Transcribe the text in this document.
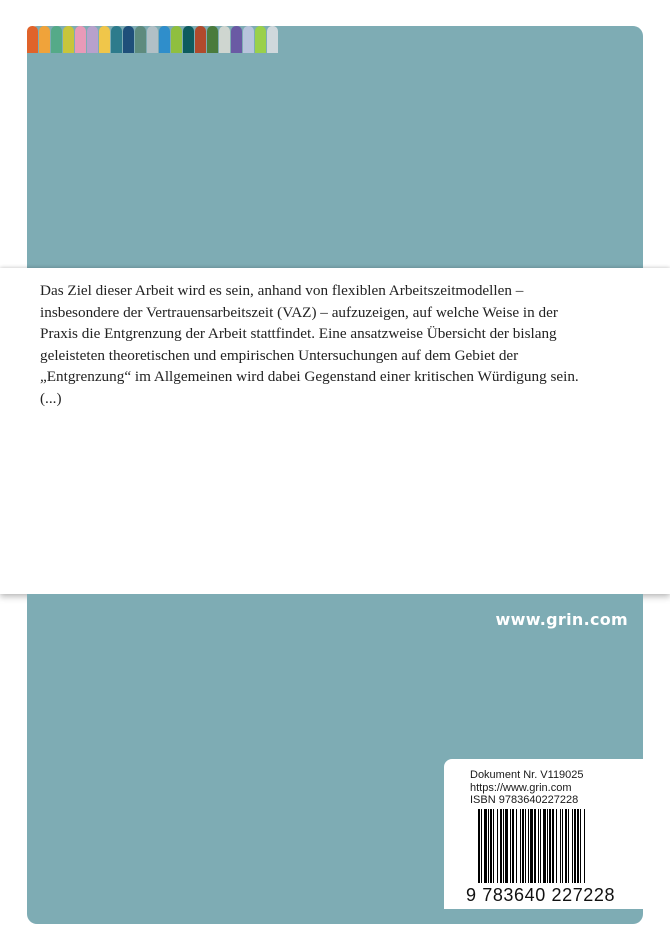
Das Ziel dieser Arbeit wird es sein, anhand von flexiblen Arbeitszeitmodellen –
insbesondere der Vertrauensarbeitszeit (VAZ) – aufzuzeigen, auf welche Weise in der
Praxis die Entgrenzung der Arbeit stattfindet. Eine ansatzweise Übersicht der bislang
geleisteten theoretischen und empirischen Untersuchungen auf dem Gebiet der
„Entgrenzung“ im Allgemeinen wird dabei Gegenstand einer kritischen Würdigung sein.
(...)

www.grin.com
Dokument Nr. V119025
https://www.grin.com
ISBN 9783640227228
9 783640 227228
